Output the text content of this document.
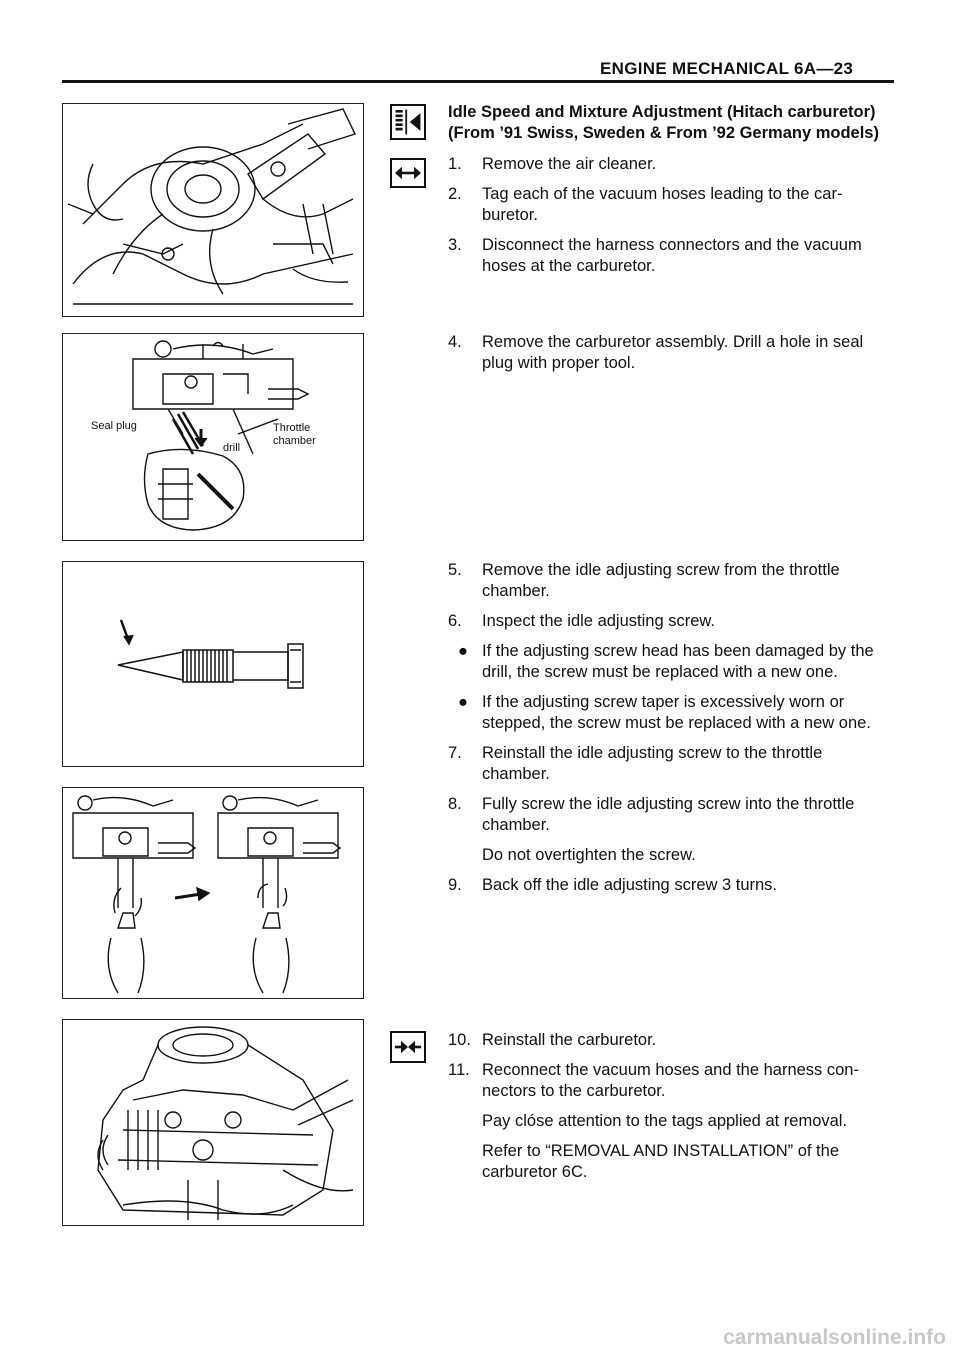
ENGINE MECHANICAL 6A—23
Seal plug	Throttle
chamber
drill
Idle Speed and Mixture Adjustment (Hitach carburetor)
(From ’91 Swiss, Sweden & From ’92 Germany models)
1. Remove the air cleaner.
2. Tag each of the vacuum hoses leading to the carburetor.
3. Disconnect the harness connectors and the vacuum hoses at the carburetor.
4. Remove the carburetor assembly. Drill a hole in seal plug with proper tool.
5. Remove the idle adjusting screw from the throttle chamber.
6. Inspect the idle adjusting screw.
● If the adjusting screw head has been damaged by the drill, the screw must be replaced with a new one.
● If the adjusting screw taper is excessively worn or stepped, the screw must be replaced with a new one.
7. Reinstall the idle adjusting screw to the throttle chamber.
8. Fully screw the idle adjusting screw into the throttle chamber.
Do not overtighten the screw.
9. Back off the idle adjusting screw 3 turns.
10. Reinstall the carburetor.
11. Reconnect the vacuum hoses and the harness connectors to the carburetor.
Pay clóse attention to the tags applied at removal.
Refer to “REMOVAL AND INSTALLATION” of the carburetor 6C.
carmanualsonline.info
